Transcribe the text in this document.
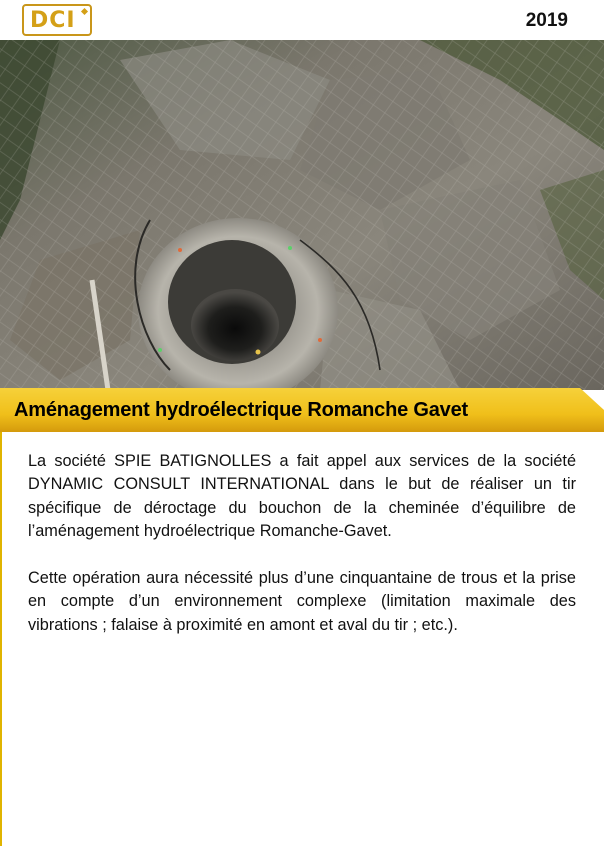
DCI	2019
Aménagement hydroélectrique Romanche Gavet

La société SPIE BATIGNOLLES a fait appel aux services de la société DYNAMIC CONSULT INTERNATIONAL dans le but de réaliser un tir spécifique de déroctage du bouchon de la cheminée d’équilibre de l’aménagement hydroélectrique Romanche-Gavet.

Cette opération aura nécessité plus d’une cinquantaine de trous et la prise en compte d’un environnement complexe (limitation maximale des vibrations ; falaise à proximité en amont et aval du tir ; etc.).
